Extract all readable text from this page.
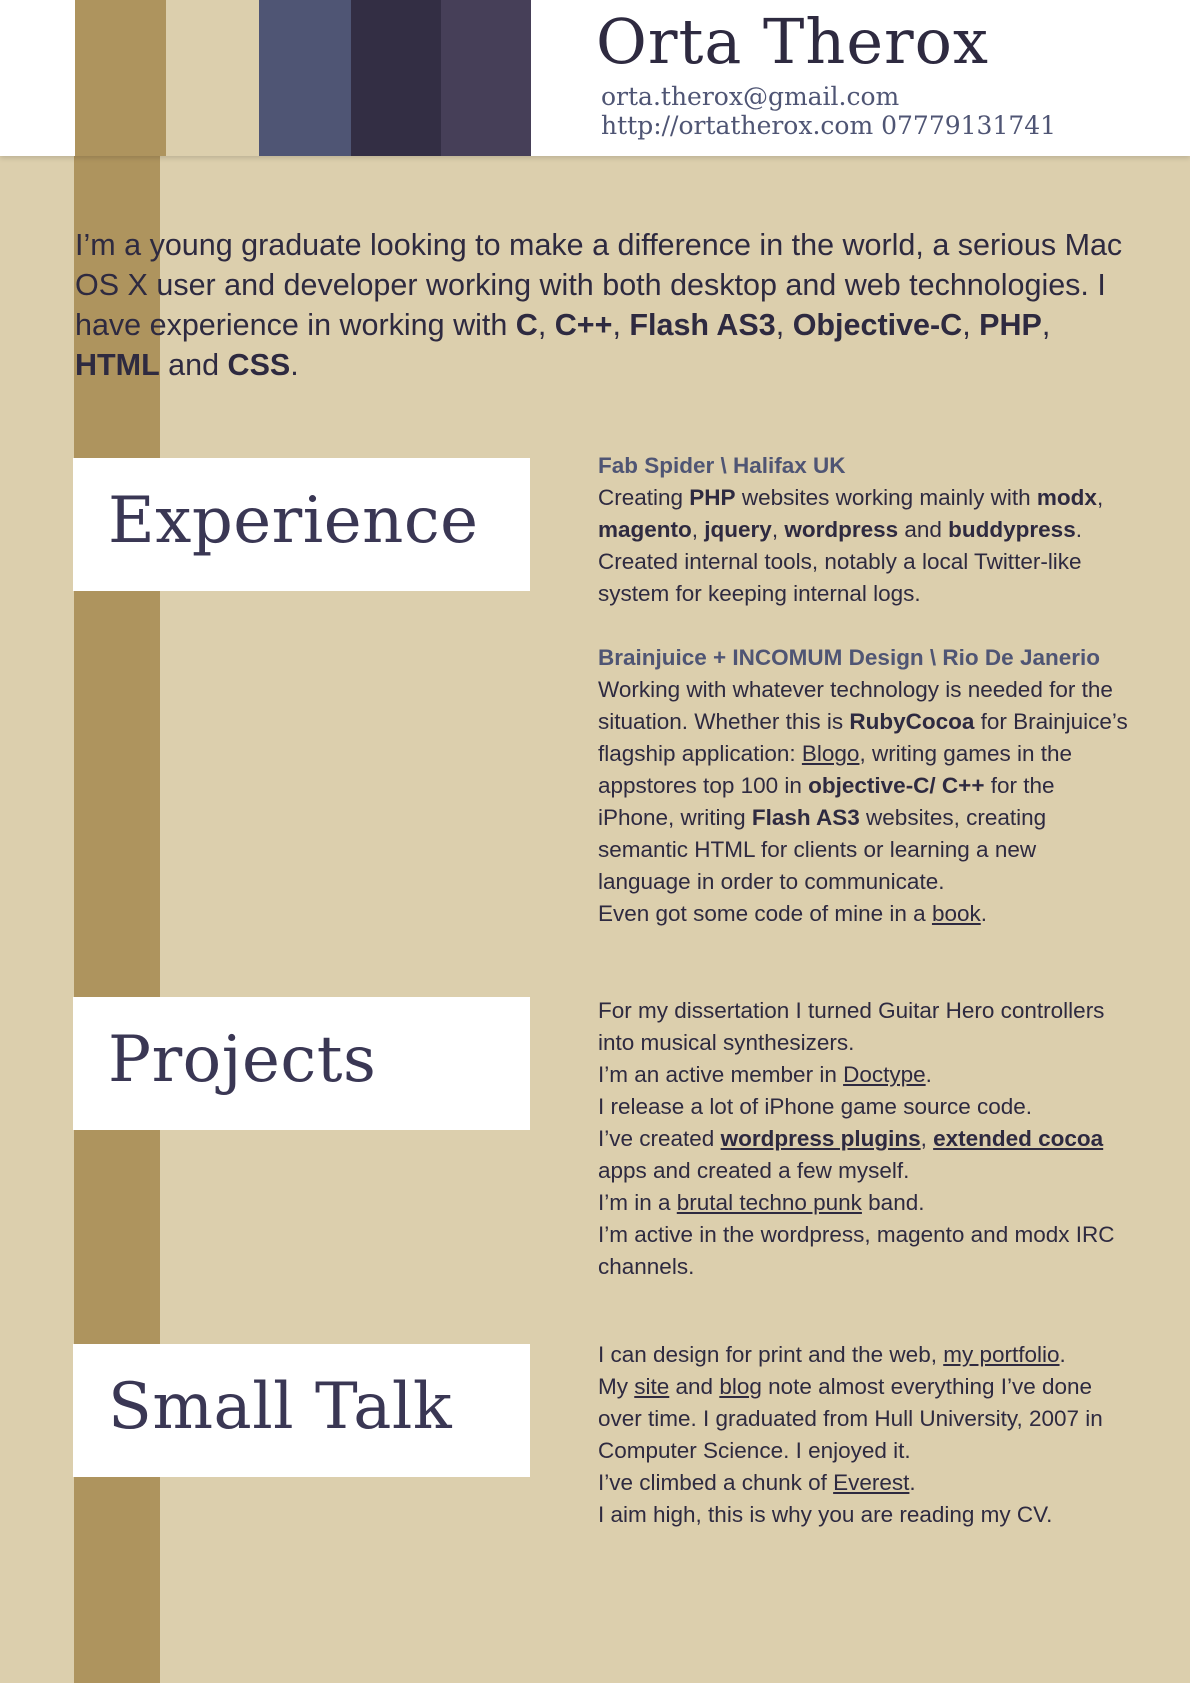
Orta Therox
orta.therox@gmail.com
http://ortatherox.com 07779131741

I’m a young graduate looking to make a difference in the world, a serious Mac OS X user and developer working with both desktop and web technologies. I have experience in working with C, C++, Flash AS3, Objective-C, PHP, HTML and CSS.

Experience

Fab Spider \ Halifax UK

Creating PHP websites working mainly with modx, magento, jquery, wordpress and buddypress. Created internal tools, notably a local Twitter-like system for keeping internal logs.

Brainjuice + INCOMUM Design \ Rio De Janerio

Working with whatever technology is needed for the situation. Whether this is RubyCocoa for Brainjuice’s flagship application: Blogo, writing games in the appstores top 100 in objective-C/ C++ for the iPhone, writing Flash AS3 websites, creating semantic HTML for clients or learning a new language in order to communicate.

Even got some code of mine in a book.

Projects

For my dissertation I turned Guitar Hero controllers into musical synthesizers.

I’m an active member in Doctype.

I release a lot of iPhone game source code.

I’ve created wordpress plugins, extended cocoa apps and created a few myself.

I’m in a brutal techno punk band.

I’m active in the wordpress, magento and modx IRC channels.

Small Talk

I can design for print and the web, my portfolio.

My site and blog note almost everything I’ve done over time. I graduated from Hull University, 2007 in Computer Science. I enjoyed it.

I’ve climbed a chunk of Everest.

I aim high, this is why you are reading my CV.
